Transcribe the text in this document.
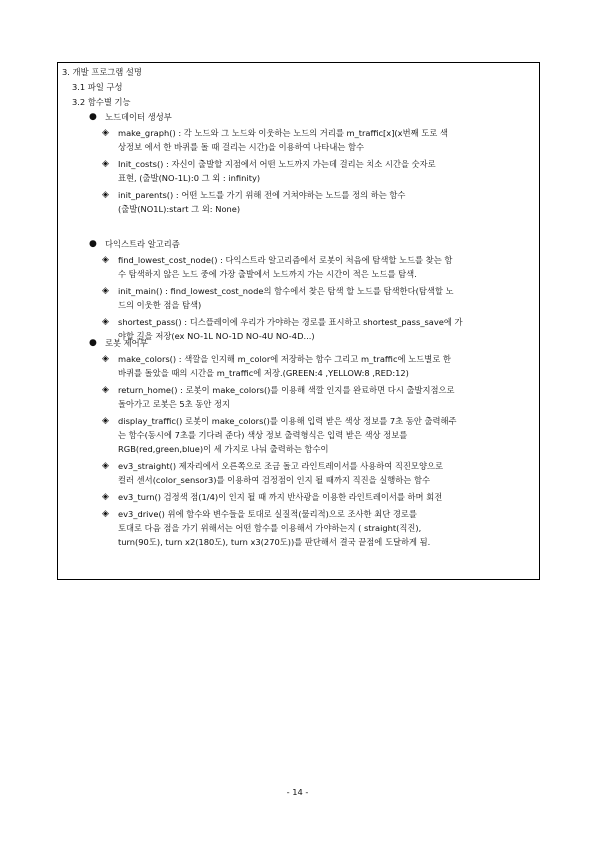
3. 개발 프로그램 설명
3.1 파일 구성
3.2 함수별 기능
● 노드데이터 생성부
◈ make_graph() : 각 노드와 그 노드와 이웃하는 노드의 거리를 m_traffic[x](x번째 도로 색
상정보 에서 한 바퀴를 돌 때 걸리는 시간)을 이용하여 나타내는 함수
◈ Init_costs() : 자신이 출발할 지점에서 어떤 노드까지 가는데 걸리는 치소 시간을 숫자로
표현, (출발(NO-1L):0 그 외 : infinity)
◈ init_parents() : 어떤 노드를 가기 위해 전에 거쳐야하는 노드를 정의 하는 함수
(출발(NO1L):start 그 외: None)
● 다익스트라 알고리즘
◈ find_lowest_cost_node() : 다익스트라 알고리즘에서 로봇이 처음에 탐색할 노드를 찾는 함
수 탐색하지 않은 노드 중에 가장 출발에서 노드까지 가는 시간이 적은 노드를 탐색.
◈ init_main() : find_lowest_cost_node의 함수에서 찾은 탐색 할 노드를 탐색한다(탐색할 노
드의 이웃한 점을 탐색)
◈ shortest_pass() : 디스플레이에 우리가 가야하는 경로를 표시하고 shortest_pass_save에 가
야할 길을 저장(ex NO-1L NO-1D NO-4U NO-4D...)
● 로봇 제어부
◈ make_colors() : 색깔을 인지해 m_color에 저장하는 함수 그리고 m_traffic에 노드별로 한
바퀴를 돌았을 때의 시간을 m_traffic에 저장.(GREEN:4 ,YELLOW:8 ,RED:12)
◈ return_home() : 로봇이 make_colors()를 이용해 색깔 인지를 완료하면 다시 출발지점으로
돌아가고 로봇은 5초 동안 정지
◈ display_traffic() 로봇이 make_colors()를 이용해 입력 받은 색상 정보를 7초 동안 출력해주
는 함수(동시에 7초를 기다려 준다) 색상 정보 출력형식은 입력 받은 색상 정보를
RGB(red,green,blue)이 세 가지로 나눠 출력하는 함수이
◈ ev3_straight() 제자리에서 오른쪽으로 조금 돌고 라인트레이서를 사용하여 직진모양으로
컬러 센서(color_sensor3)를 이용하여 검정점이 인지 될 때까지 직진을 실행하는 함수
◈ ev3_turn() 검정색 점(1/4)이 인지 될 때 까지 반사광을 이용한 라인트레이서를 하며 회전
◈ ev3_drive() 위에 함수와 변수들을 토대로 실질적(물리적)으로 조사한 최단 경로를
토대로 다음 점을 가기 위해서는 어떤 함수를 이용해서 가야하는지 ( straight(직진),
turn(90도), turn x2(180도), turn x3(270도))를 판단해서 결국 끝점에 도달하게 됨.
- 14 -
